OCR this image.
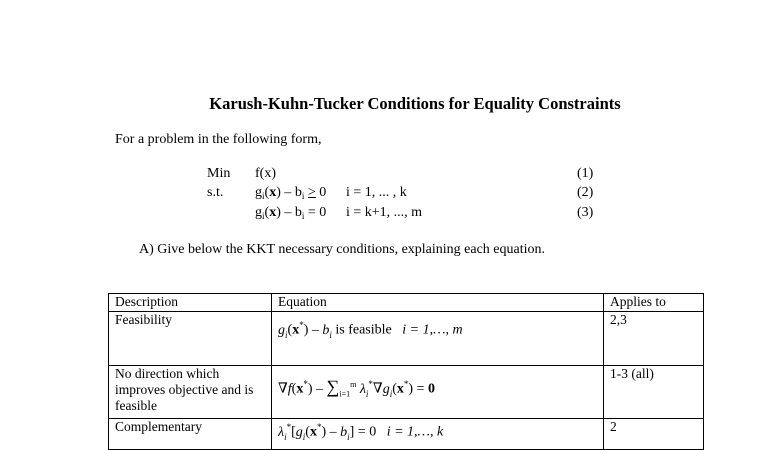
Karush-Kuhn-Tucker Conditions for Equality Constraints
For a problem in the following form,
Min f(x)	(1)
s.t. $g_i(x) - b_i > 0$ i = 1, ... , k	(2)
$g_i(x) - b_i = 0$ i = k+1, ..., m	(3)
A) Give below the KKT necessary conditions, explaining each equation.
Description	Equation	Applies to
Feasibility	$g_i(x^*) - b_i$ is feasible i = 1,…, m	2,3
No direction which improves objective and is feasible	$\nabla f(x^*) - \sum_{i=1}^m$ $\lambda_i^*\nabla g_i(x^*) = 0$	1-3 (all)
Complementary	$\lambda_i^*[g_i(x^*) - b_i] = 0$   i = 1,…, k	2
